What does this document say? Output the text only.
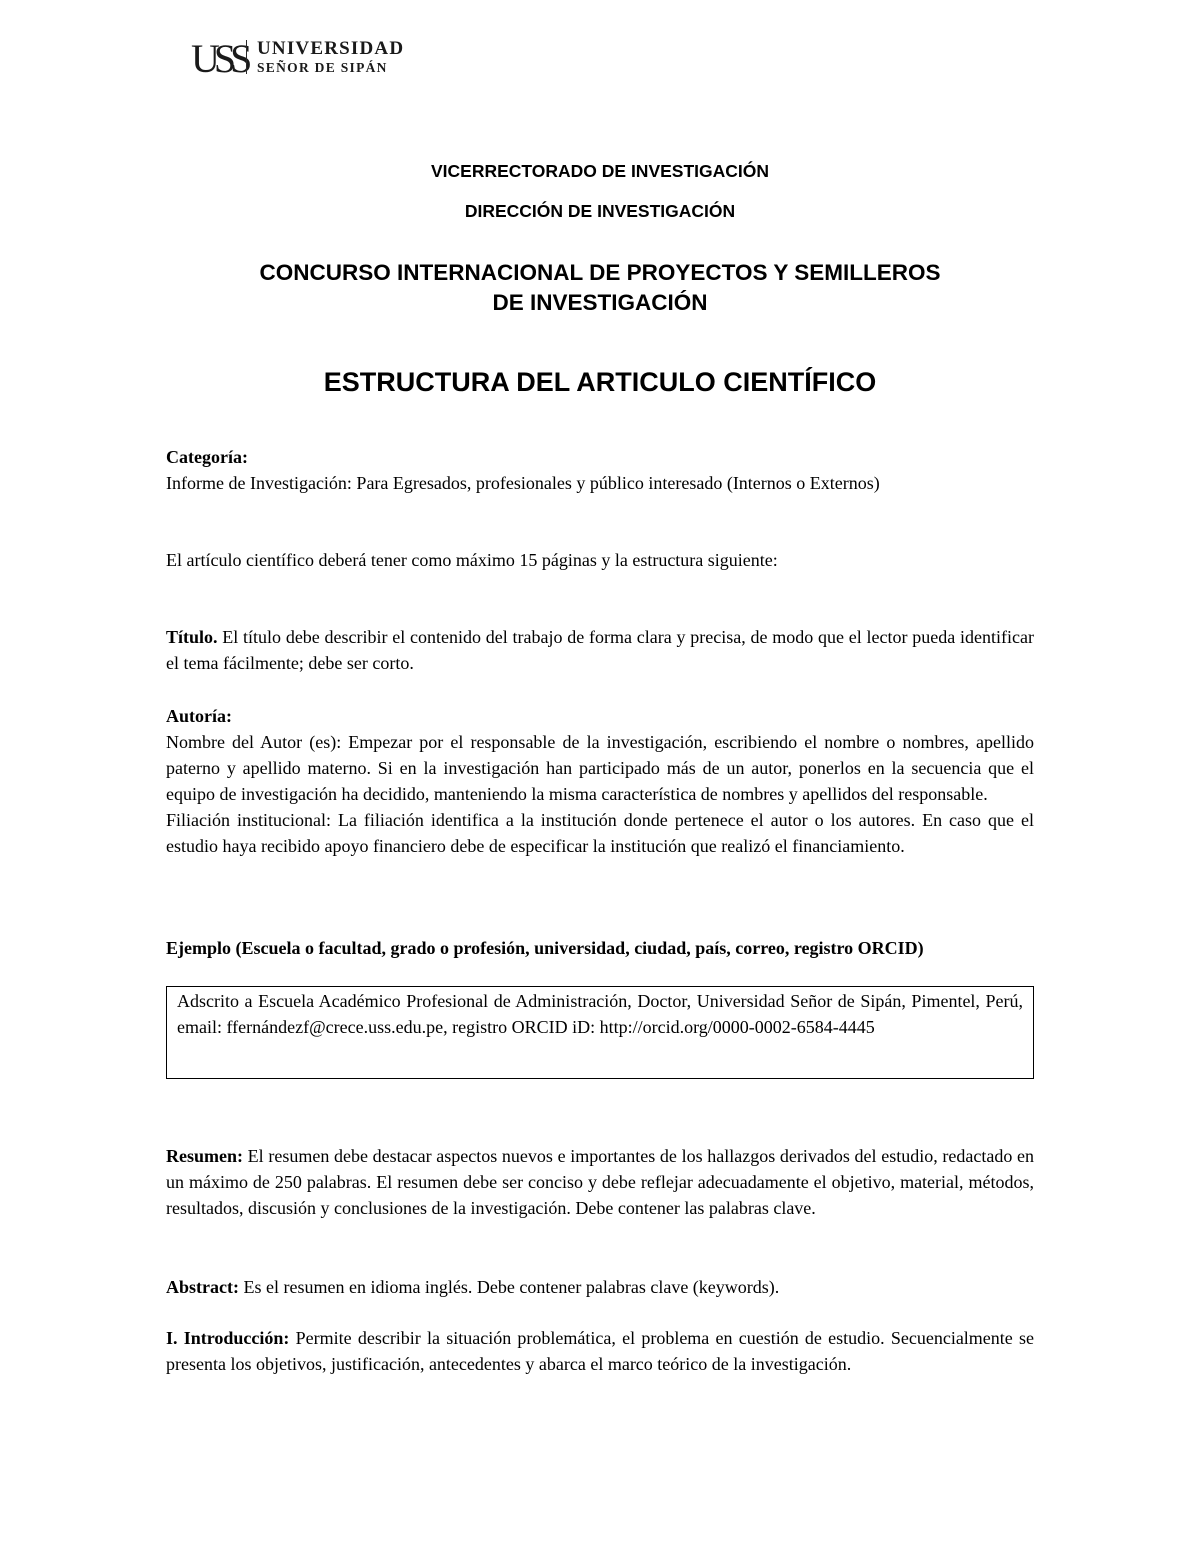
USS UNIVERSIDAD
SEÑOR DE SIPÁN
VICERRECTORADO DE INVESTIGACIÓN
DIRECCIÓN DE INVESTIGACIÓN
CONCURSO INTERNACIONAL DE PROYECTOS Y SEMILLEROS
DE INVESTIGACIÓN
ESTRUCTURA DEL ARTICULO CIENTÍFICO

Categoría:

Informe de Investigación: Para Egresados, profesionales y público interesado (Internos o Externos)

El artículo científico deberá tener como máximo 15 páginas y la estructura siguiente:

Título. El título debe describir el contenido del trabajo de forma clara y precisa, de modo que el lector pueda identificar el tema fácilmente; debe ser corto.

Autoría:

Nombre del Autor (es): Empezar por el responsable de la investigación, escribiendo el nombre o nombres, apellido paterno y apellido materno. Si en la investigación han participado más de un autor, ponerlos en la secuencia que el equipo de investigación ha decidido, manteniendo la misma característica de nombres y apellidos del responsable.

Filiación institucional: La filiación identifica a la institución donde pertenece el autor o los autores. En caso que el estudio haya recibido apoyo financiero debe de especificar la institución que realizó el financiamiento.

Ejemplo (Escuela o facultad, grado o profesión, universidad, ciudad, país, correo, registro ORCID)

Adscrito a Escuela Académico Profesional de Administración, Doctor, Universidad Señor de Sipán, Pimentel, Perú, email: ffernándezf@crece.uss.edu.pe, registro ORCID iD: http://orcid.org/0000-0002-6584-4445

Resumen: El resumen debe destacar aspectos nuevos e importantes de los hallazgos derivados del estudio, redactado en un máximo de 250 palabras. El resumen debe ser conciso y debe reflejar adecuadamente el objetivo, material, métodos, resultados, discusión y conclusiones de la investigación. Debe contener las palabras clave.

Abstract: Es el resumen en idioma inglés. Debe contener palabras clave (keywords).

I. Introducción: Permite describir la situación problemática, el problema en cuestión de estudio. Secuencialmente se presenta los objetivos, justificación, antecedentes y abarca el marco teórico de la investigación.
